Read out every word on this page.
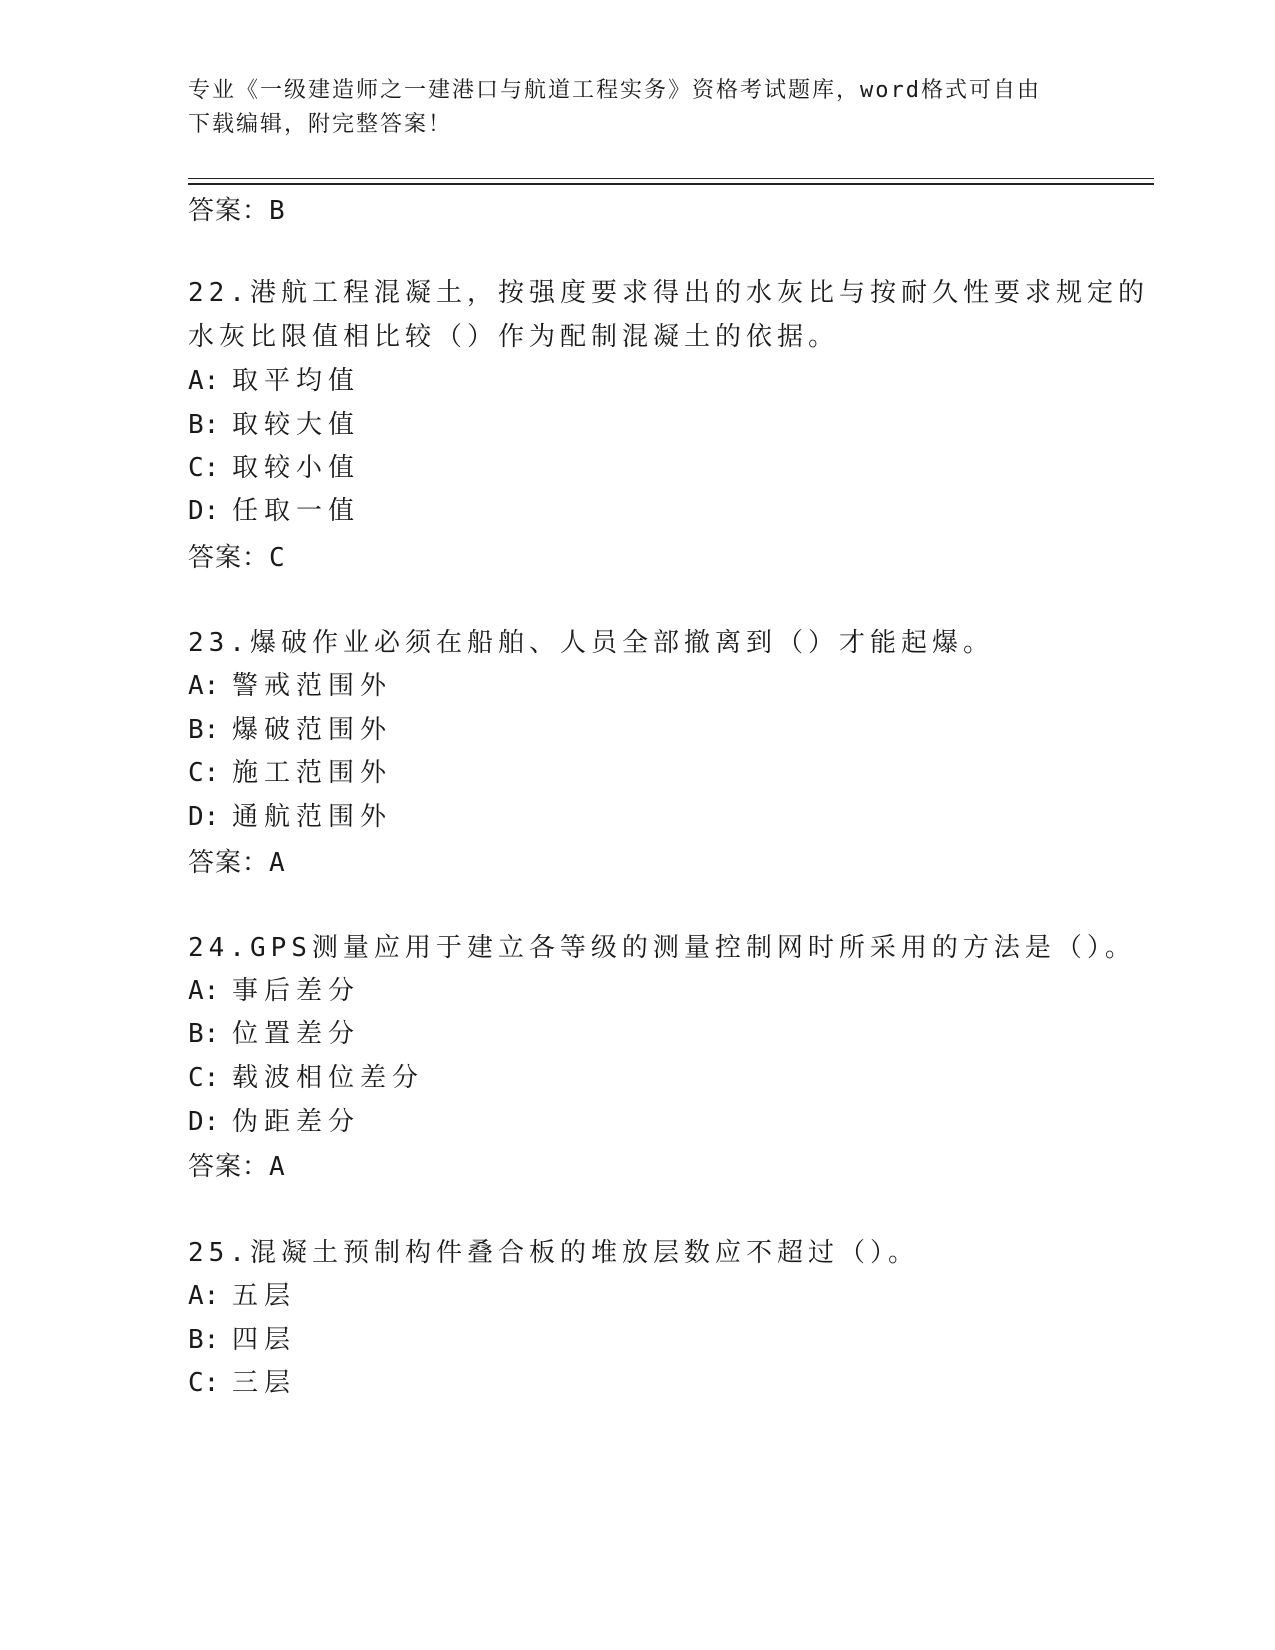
专业《一级建造师之一建港口与航道工程实务》资格考试题库，word格式可自由
下载编辑，附完整答案！
答案：B
22.港航工程混凝土，按强度要求得出的水灰比与按耐久性要求规定的
水灰比限值相比较（）作为配制混凝土的依据。
A: 取平均值
B: 取较大值
C: 取较小值
D: 任取一值
答案：C
23.爆破作业必须在船舶、人员全部撤离到（）才能起爆。
A: 警戒范围外
B: 爆破范围外
C: 施工范围外
D: 通航范围外
答案：A
24.GPS测量应用于建立各等级的测量控制网时所采用的方法是（）。
A: 事后差分
B: 位置差分
C: 载波相位差分
D: 伪距差分
答案：A
25.混凝土预制构件叠合板的堆放层数应不超过（）。
A: 五层
B: 四层
C: 三层
